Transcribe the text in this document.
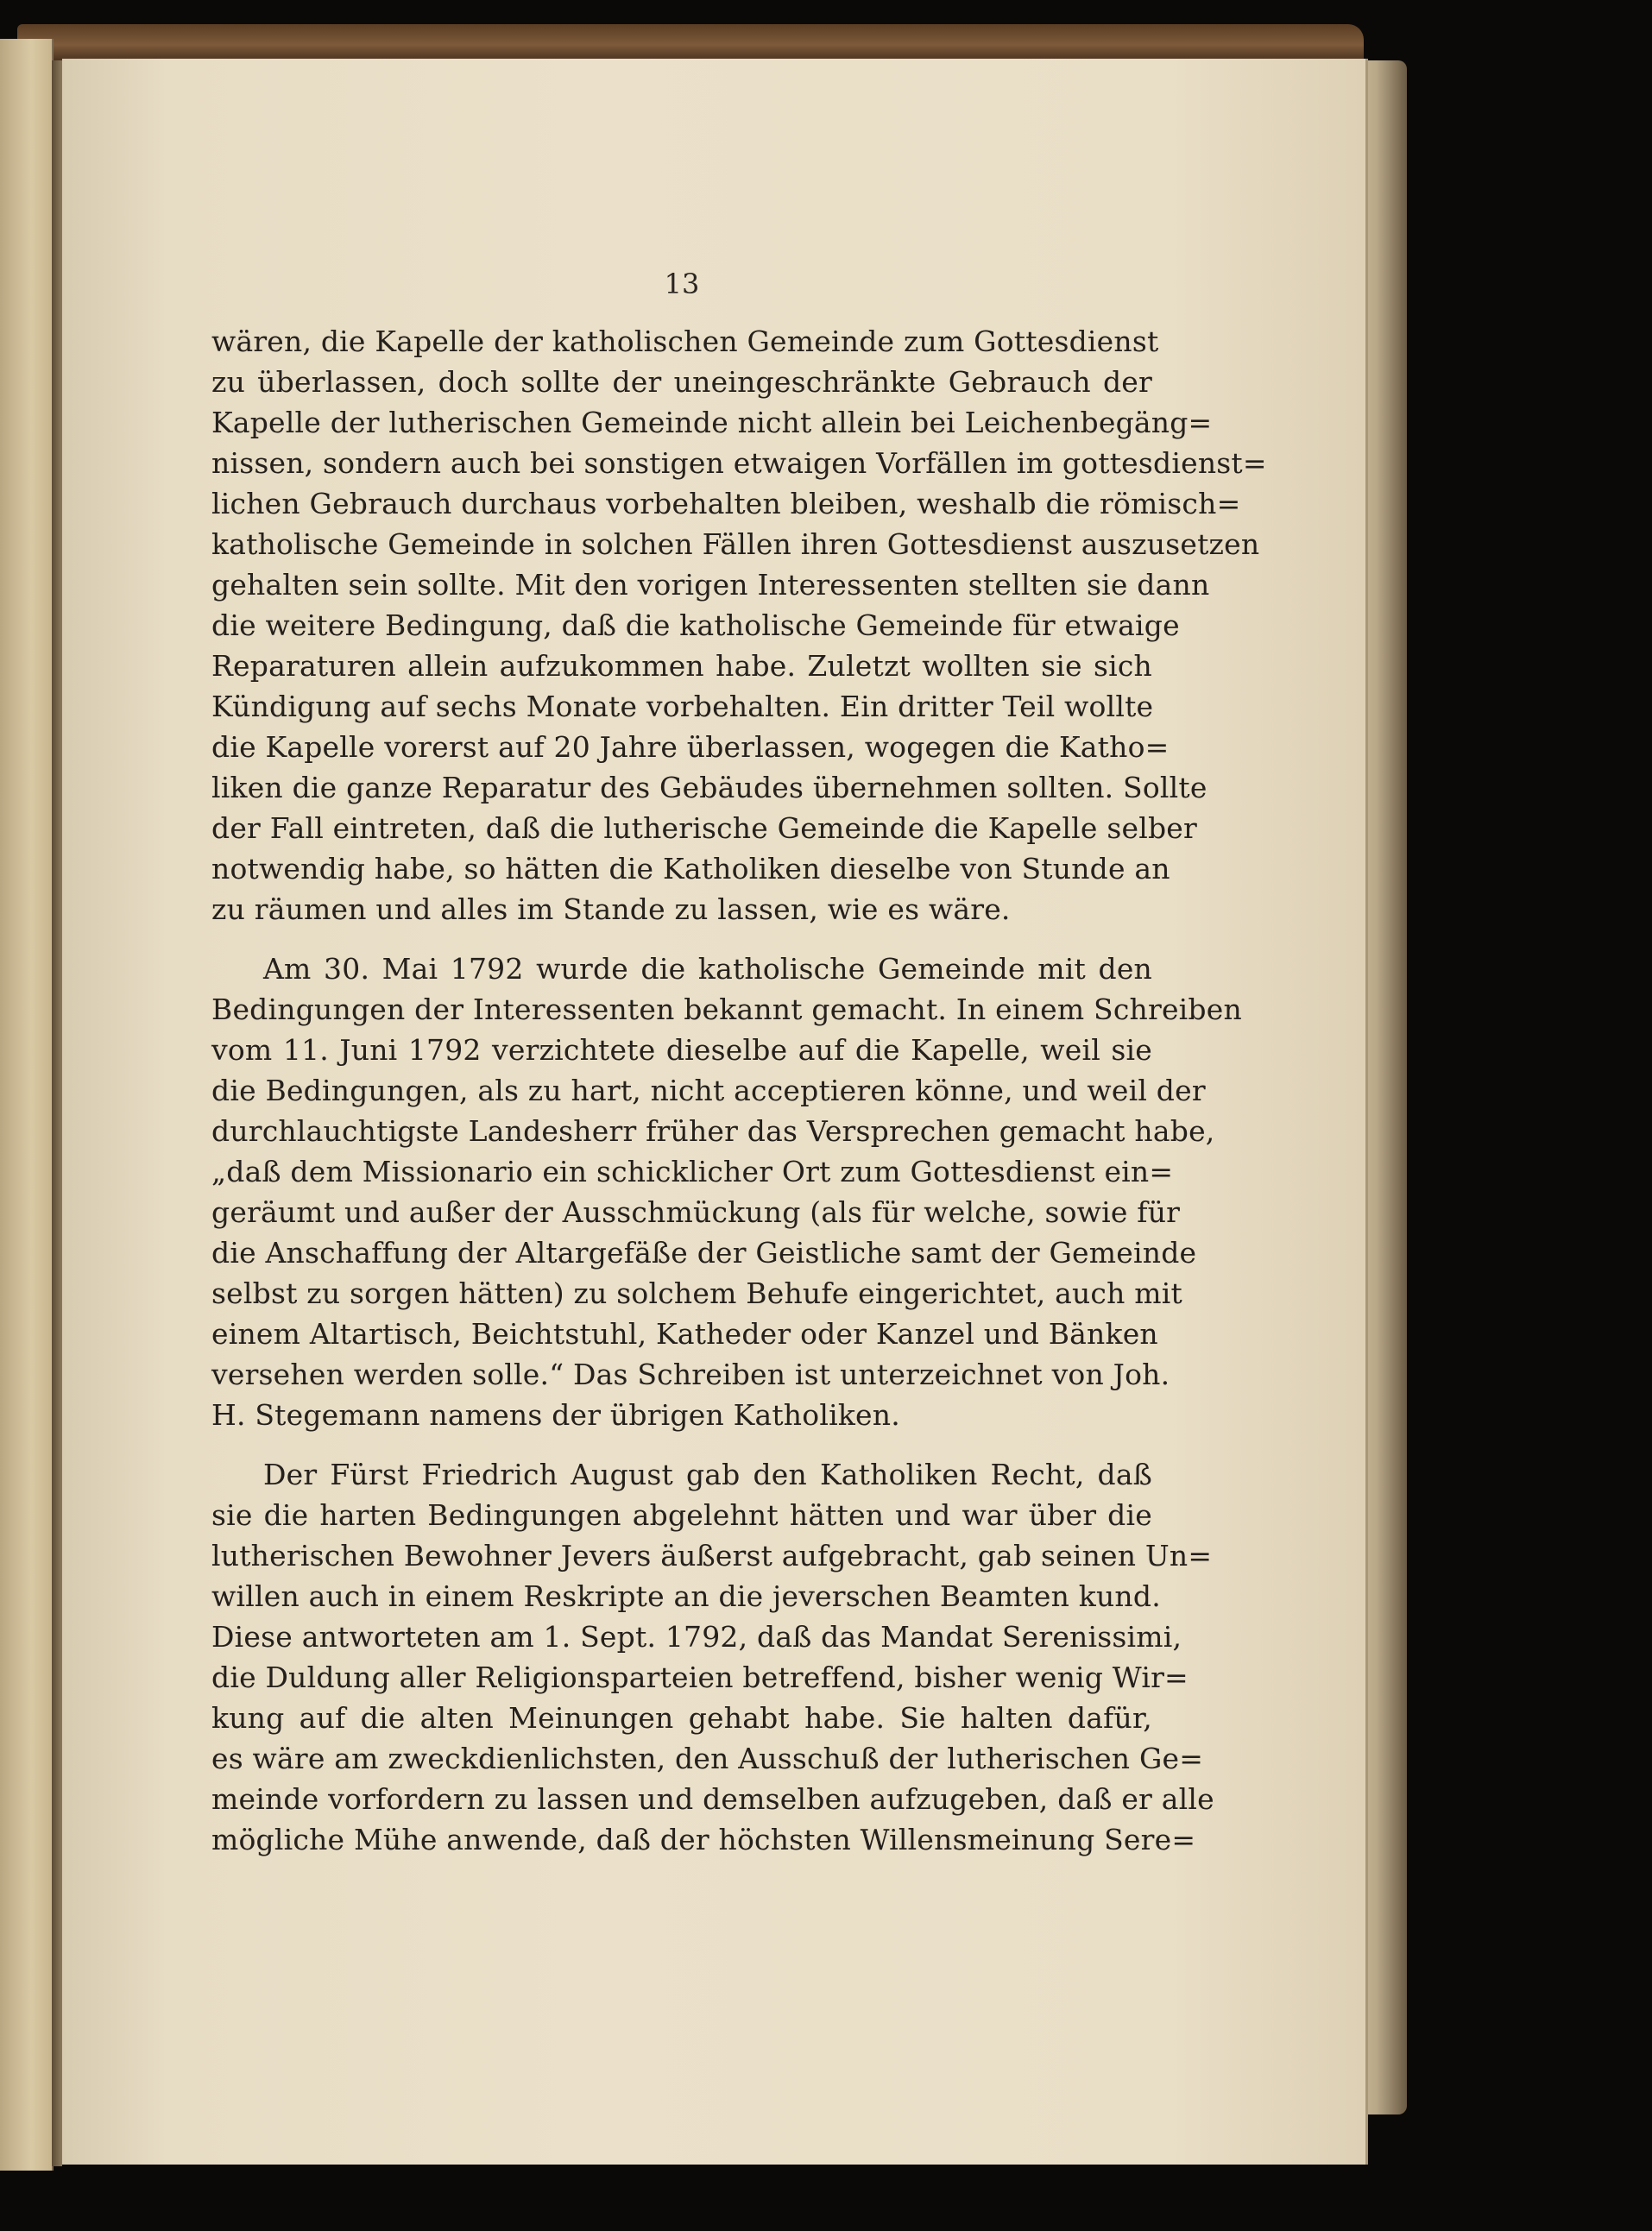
13
wären, die Kapelle der katholischen Gemeinde zum Gottesdienst
zu überlassen, doch sollte der uneingeschränkte Gebrauch der
Kapelle der lutherischen Gemeinde nicht allein bei Leichenbegäng=
nissen, sondern auch bei sonstigen etwaigen Vorfällen im gottesdienst=
lichen Gebrauch durchaus vorbehalten bleiben, weshalb die römisch=
katholische Gemeinde in solchen Fällen ihren Gottesdienst auszusetzen
gehalten sein sollte. Mit den vorigen Interessenten stellten sie dann
die weitere Bedingung, daß die katholische Gemeinde für etwaige
Reparaturen allein aufzukommen habe. Zuletzt wollten sie sich
Kündigung auf sechs Monate vorbehalten. Ein dritter Teil wollte
die Kapelle vorerst auf 20 Jahre überlassen, wogegen die Katho=
liken die ganze Reparatur des Gebäudes übernehmen sollten. Sollte
der Fall eintreten, daß die lutherische Gemeinde die Kapelle selber
notwendig habe, so hätten die Katholiken dieselbe von Stunde an
zu räumen und alles im Stande zu lassen, wie es wäre.
Am 30. Mai 1792 wurde die katholische Gemeinde mit den
Bedingungen der Interessenten bekannt gemacht. In einem Schreiben
vom 11. Juni 1792 verzichtete dieselbe auf die Kapelle, weil sie
die Bedingungen, als zu hart, nicht acceptieren könne, und weil der
durchlauchtigste Landesherr früher das Versprechen gemacht habe,
„daß dem Missionario ein schicklicher Ort zum Gottesdienst ein=
geräumt und außer der Ausschmückung (als für welche, sowie für
die Anschaffung der Altargefäße der Geistliche samt der Gemeinde
selbst zu sorgen hätten) zu solchem Behufe eingerichtet, auch mit
einem Altartisch, Beichtstuhl, Katheder oder Kanzel und Bänken
versehen werden solle.“ Das Schreiben ist unterzeichnet von Joh.
H. Stegemann namens der übrigen Katholiken.
Der Fürst Friedrich August gab den Katholiken Recht, daß
sie die harten Bedingungen abgelehnt hätten und war über die
lutherischen Bewohner Jevers äußerst aufgebracht, gab seinen Un=
willen auch in einem Reskripte an die jeverschen Beamten kund.
Diese antworteten am 1. Sept. 1792, daß das Mandat Serenissimi,
die Duldung aller Religionsparteien betreffend, bisher wenig Wir=
kung auf die alten Meinungen gehabt habe. Sie halten dafür,
es wäre am zweckdienlichsten, den Ausschuß der lutherischen Ge=
meinde vorfordern zu lassen und demselben aufzugeben, daß er alle
mögliche Mühe anwende, daß der höchsten Willensmeinung Sere=
